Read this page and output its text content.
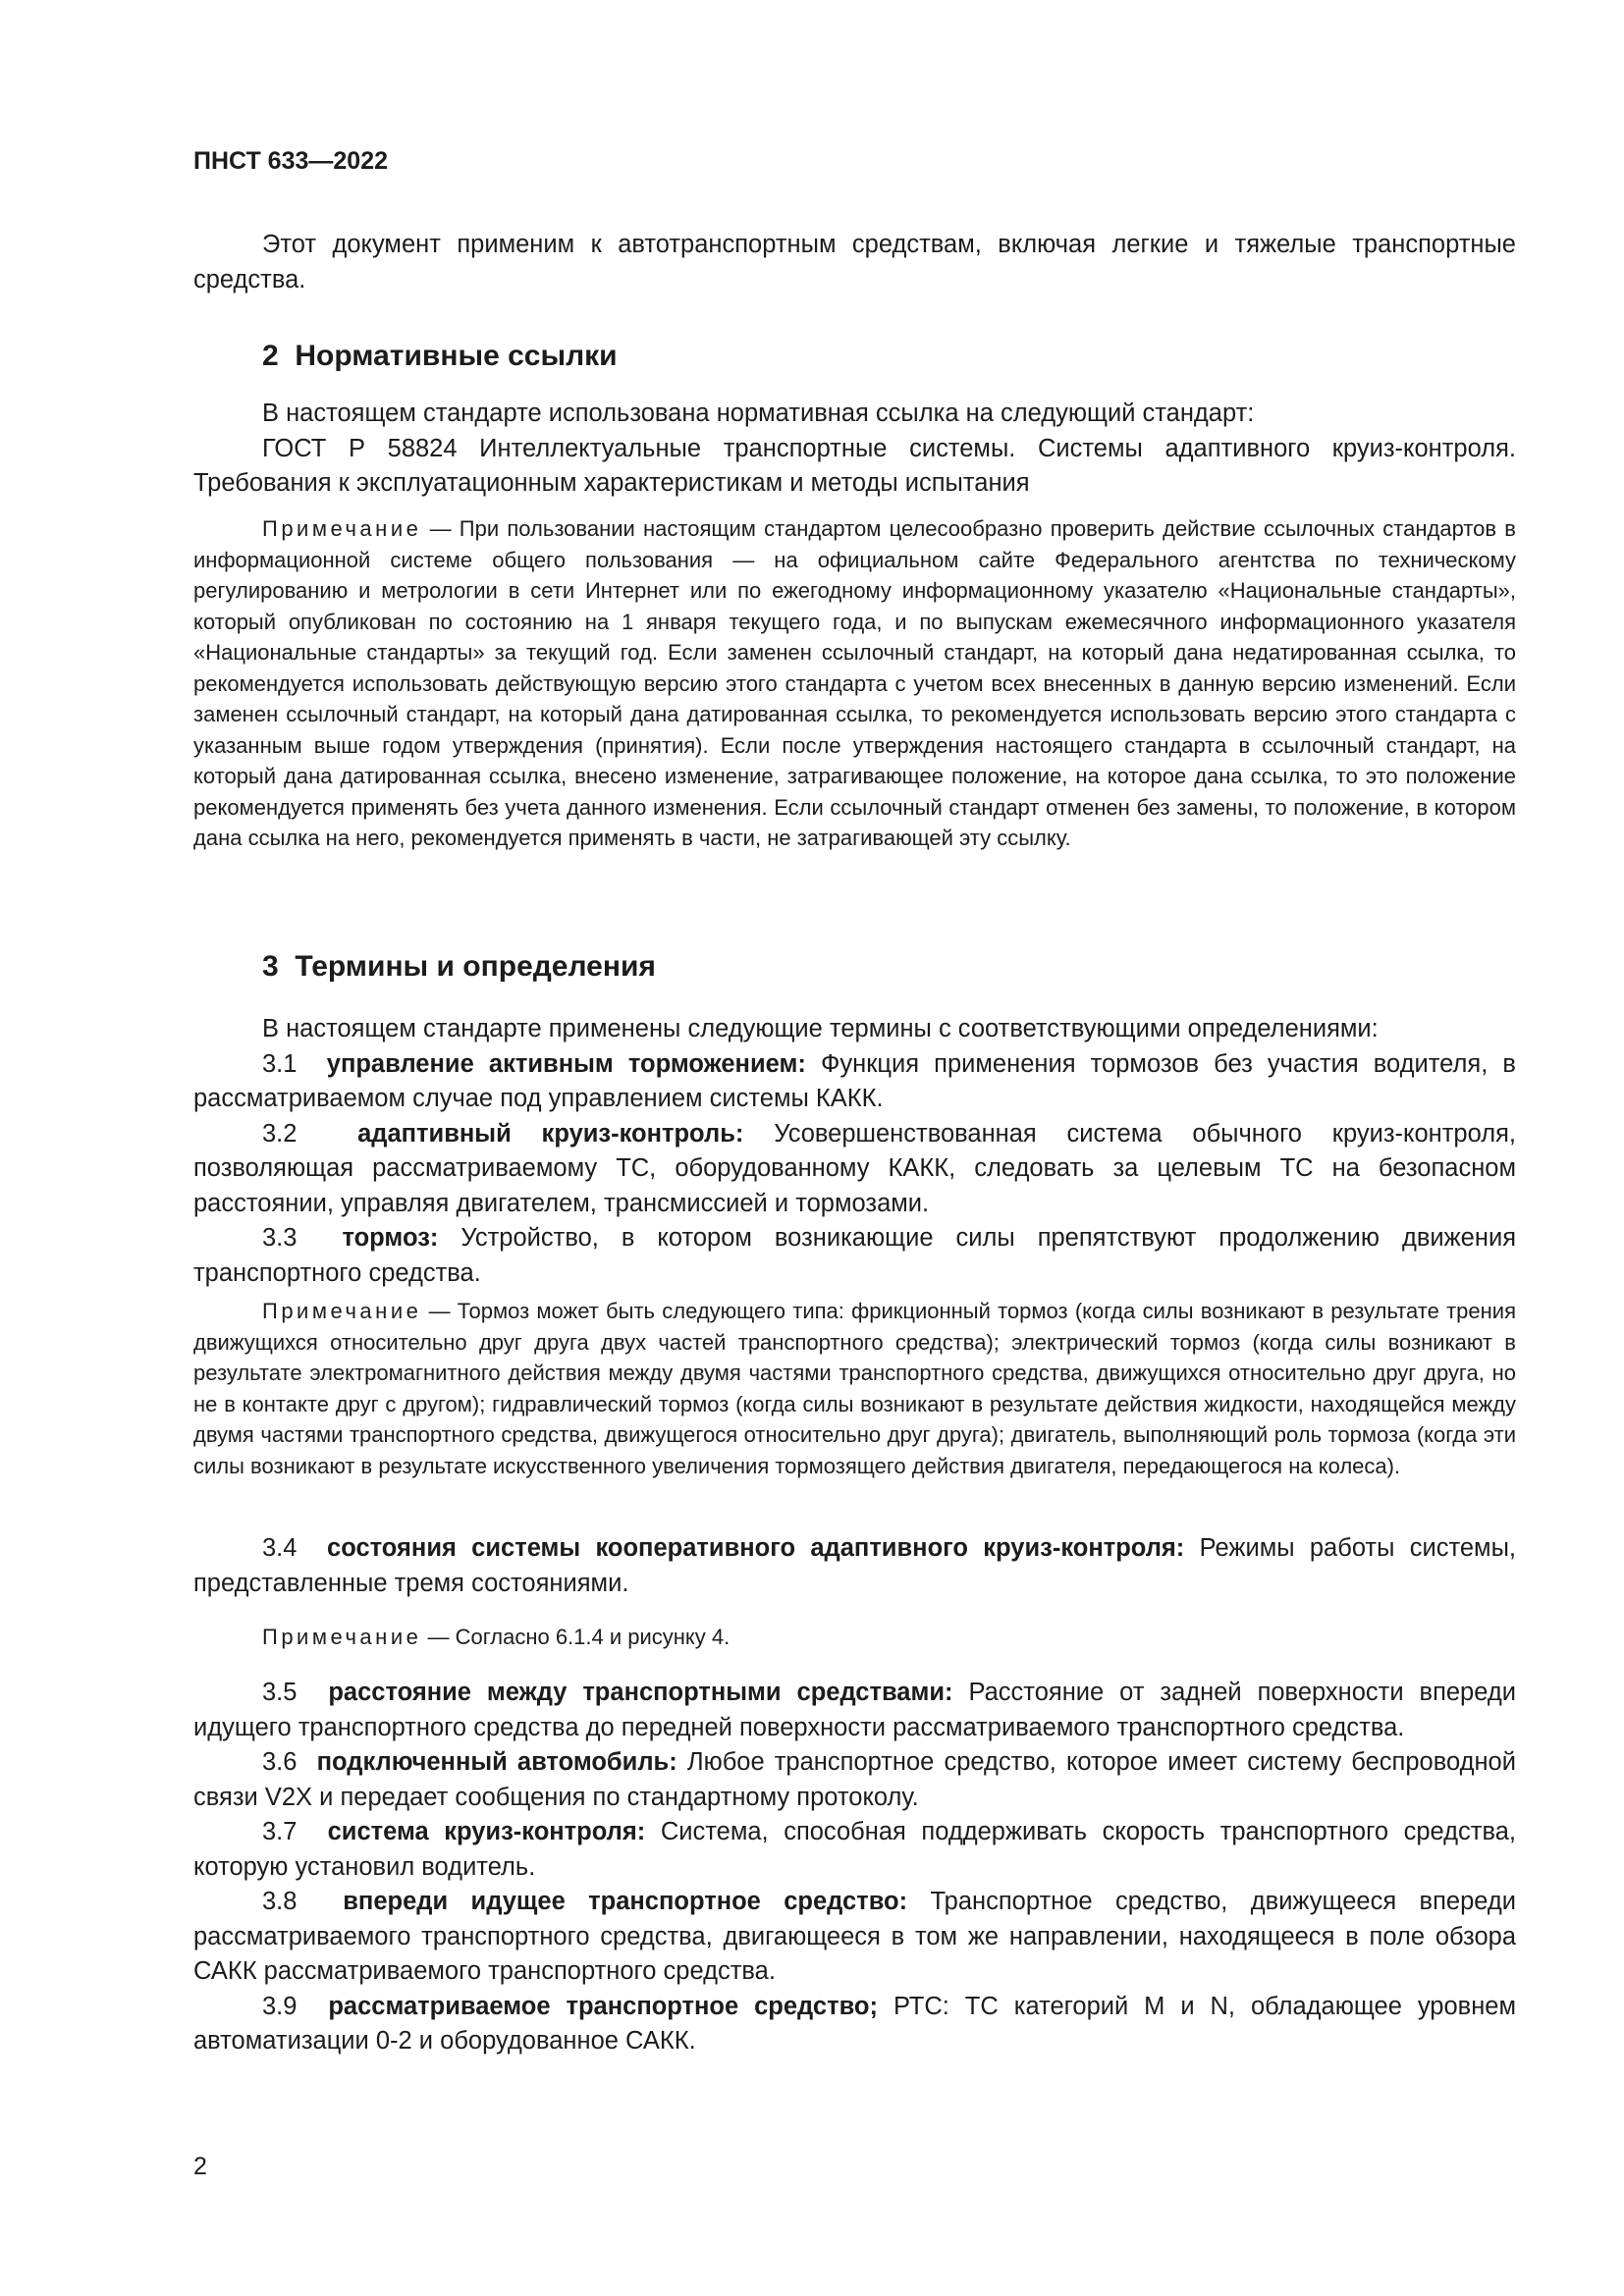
ПНСТ 633—2022

Этот документ применим к автотранспортным средствам, включая легкие и тяжелые транспортные средства.

2 Нормативные ссылки

В настоящем стандарте использована нормативная ссылка на следующий стандарт:

ГОСТ Р 58824 Интеллектуальные транспортные системы. Системы адаптивного круиз-контроля. Требования к эксплуатационным характеристикам и методы испытания

Примечание — При пользовании настоящим стандартом целесообразно проверить действие ссылочных стандартов в информационной системе общего пользования — на официальном сайте Федерального агентства по техническому регулированию и метрологии в сети Интернет или по ежегодному информационному указателю «Национальные стандарты», который опубликован по состоянию на 1 января текущего года, и по выпускам ежемесячного информационного указателя «Национальные стандарты» за текущий год. Если заменен ссылочный стандарт, на который дана недатированная ссылка, то рекомендуется использовать действующую версию этого стандарта с учетом всех внесенных в данную версию изменений. Если заменен ссылочный стандарт, на который дана датированная ссылка, то рекомендуется использовать версию этого стандарта с указанным выше годом утверждения (принятия). Если после утверждения настоящего стандарта в ссылочный стандарт, на который дана датированная ссылка, внесено изменение, затрагивающее положение, на которое дана ссылка, то это положение рекомендуется применять без учета данного изменения. Если ссылочный стандарт отменен без замены, то положение, в котором дана ссылка на него, рекомендуется применять в части, не затрагивающей эту ссылку.

3 Термины и определения

В настоящем стандарте применены следующие термины с соответствующими определениями:

3.1 управление активным торможением: Функция применения тормозов без участия водителя, в рассматриваемом случае под управлением системы КАКК.

3.2 адаптивный круиз-контроль: Усовершенствованная система обычного круиз-контроля, позволяющая рассматриваемому ТС, оборудованному КАКК, следовать за целевым ТС на безопасном расстоянии, управляя двигателем, трансмиссией и тормозами.

3.3 тормоз: Устройство, в котором возникающие силы препятствуют продолжению движения транспортного средства.

Примечание — Тормоз может быть следующего типа: фрикционный тормоз (когда силы возникают в результате трения движущихся относительно друг друга двух частей транспортного средства); электрический тормоз (когда силы возникают в результате электромагнитного действия между двумя частями транспортного средства, движущихся относительно друг друга, но не в контакте друг с другом); гидравлический тормоз (когда силы возникают в результате действия жидкости, находящейся между двумя частями транспортного средства, движущегося относительно друг друга); двигатель, выполняющий роль тормоза (когда эти силы возникают в результате искусственного увеличения тормозящего действия двигателя, передающегося на колеса).

3.4 состояния системы кооперативного адаптивного круиз-контроля: Режимы работы системы, представленные тремя состояниями.

Примечание — Согласно 6.1.4 и рисунку 4.

3.5 расстояние между транспортными средствами: Расстояние от задней поверхности впереди идущего транспортного средства до передней поверхности рассматриваемого транспортного средства.

3.6 подключенный автомобиль: Любое транспортное средство, которое имеет систему беспроводной связи V2X и передает сообщения по стандартному протоколу.

3.7 система круиз-контроля: Система, способная поддерживать скорость транспортного средства, которую установил водитель.

3.8 впереди идущее транспортное средство: Транспортное средство, движущееся впереди рассматриваемого транспортного средства, двигающееся в том же направлении, находящееся в поле обзора САКК рассматриваемого транспортного средства.

3.9 рассматриваемое транспортное средство; РТС: ТС категорий M и N, обладающее уровнем автоматизации 0-2 и оборудованное САКК.

2
